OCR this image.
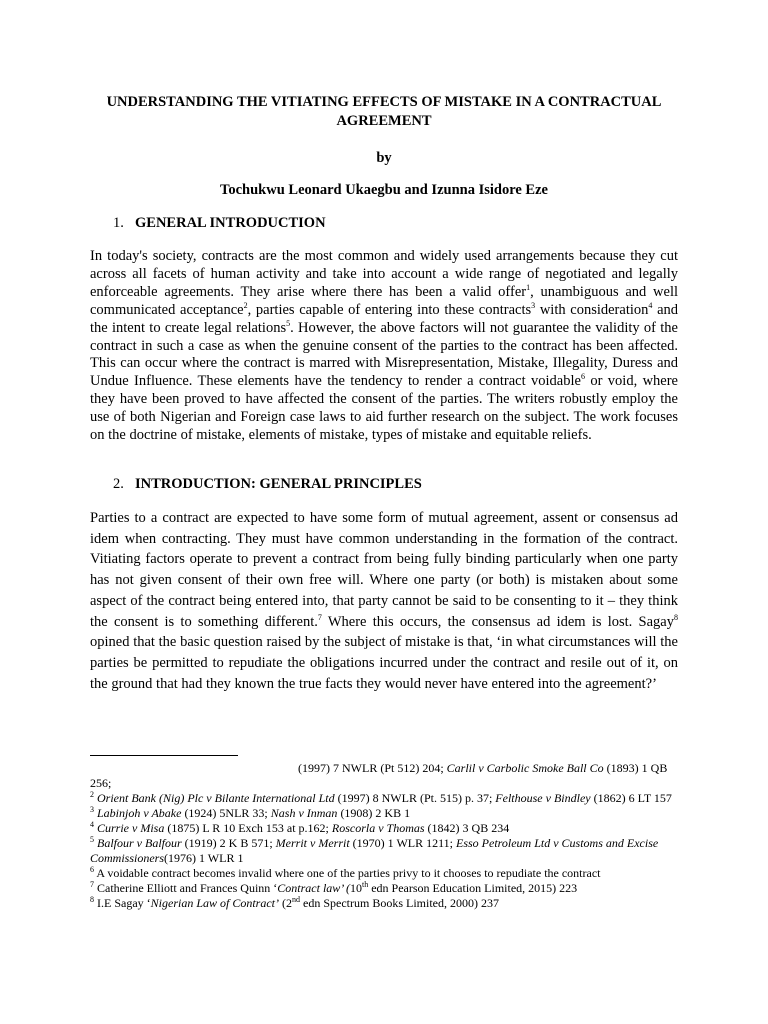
UNDERSTANDING THE VITIATING EFFECTS OF MISTAKE IN A CONTRACTUAL AGREEMENT
by
Tochukwu Leonard Ukaegbu and Izunna Isidore Eze
1. GENERAL INTRODUCTION

In today's society, contracts are the most common and widely used arrangements because they cut across all facets of human activity and take into account a wide range of negotiated and legally enforceable agreements. They arise where there has been a valid offer$^1$, unambiguous and well communicated acceptance$^2$, parties capable of entering into these contracts$^3$ with consideration$^4$ and the intent to create legal relations$^5$. However, the above factors will not guarantee the validity of the contract in such a case as when the genuine consent of the parties to the contract has been affected. This can occur where the contract is marred with Misrepresentation, Mistake, Illegality, Duress and Undue Influence. These elements have the tendency to render a contract voidable$^6$ or void, where they have been proved to have affected the consent of the parties. The writers robustly employ the use of both Nigerian and Foreign case laws to aid further research on the subject. The work focuses on the doctrine of mistake, elements of mistake, types of mistake and equitable reliefs.

2. INTRODUCTION: GENERAL PRINCIPLES

Parties to a contract are expected to have some form of mutual agreement, assent or consensus ad idem when contracting. They must have common understanding in the formation of the contract. Vitiating factors operate to prevent a contract from being fully binding particularly when one party has not given consent of their own free will. Where one party (or both) is mistaken about some aspect of the contract being entered into, that party cannot be said to be consenting to it – they think the consent is to something different.$^7$ Where this occurs, the consensus ad idem is lost. Sagay$^8$ opined that the basic question raised by the subject of mistake is that, ‘in what circumstances will the parties be permitted to repudiate the obligations incurred under the contract and resile out of it, on the ground that had they known the true facts they would never have entered into the agreement?’

(1997) 7 NWLR (Pt 512) 204; Carlil v Carbolic Smoke Ball Co (1893) 1 QB 256;
$^2$ Orient Bank (Nig) Plc v Bilante International Ltd (1997) 8 NWLR (Pt. 515) p. 37; Felthouse v Bindley (1862) 6 LT 157
$^3$ Labinjoh v Abake (1924) 5NLR 33; Nash v Inman (1908) 2 KB 1
$^4$ Currie v Misa (1875) L R 10 Exch 153 at p.162; Roscorla v Thomas (1842) 3 QB 234
$^5$ Balfour v Balfour (1919) 2 K B 571; Merrit v Merrit (1970) 1 WLR 1211; Esso Petroleum Ltd v Customs and Excise Commissioners(1976) 1 WLR 1
$^6$ A voidable contract becomes invalid where one of the parties privy to it chooses to repudiate the contract
$^7$ Catherine Elliott and Frances Quinn ‘Contract law’ (10th edn Pearson Education Limited, 2015) 223
$^8$ I.E Sagay ‘Nigerian Law of Contract’ (2nd edn Spectrum Books Limited, 2000) 237
